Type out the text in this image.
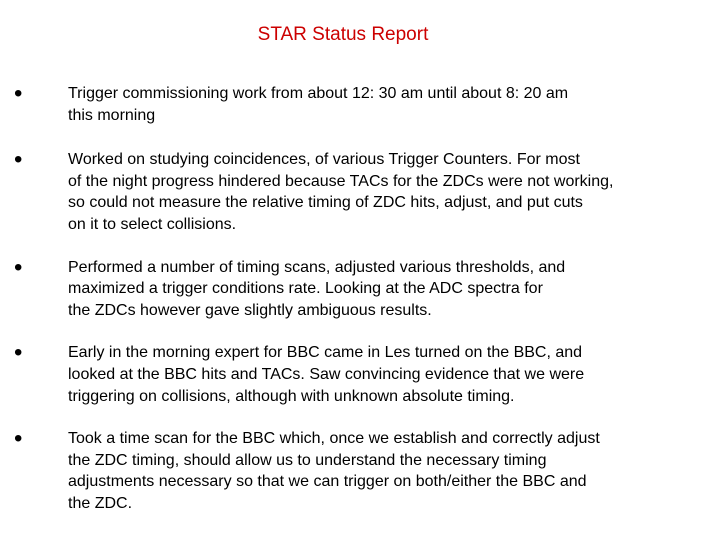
STAR Status Report
•	Trigger commissioning work from about 12: 30 am until about 8: 20 am
this morning
•	Worked on studying coincidences, of various Trigger Counters. For most
of the night progress hindered because TACs for the ZDCs were not working,
so could not measure the relative timing of ZDC hits, adjust, and put cuts
on it to select collisions.
•	Performed a number of timing scans, adjusted various thresholds, and
maximized a trigger conditions rate. Looking at the ADC spectra for
the ZDCs however gave slightly ambiguous results.
•	Early in the morning expert for BBC came in Les turned on the BBC, and
looked at the BBC hits and TACs. Saw convincing evidence that we were
triggering on collisions, although with unknown absolute timing.
•	Took a time scan for the BBC which, once we establish and correctly adjust
the ZDC timing, should allow us to understand the necessary timing
adjustments necessary so that we can trigger on both/either the BBC and
the ZDC.
